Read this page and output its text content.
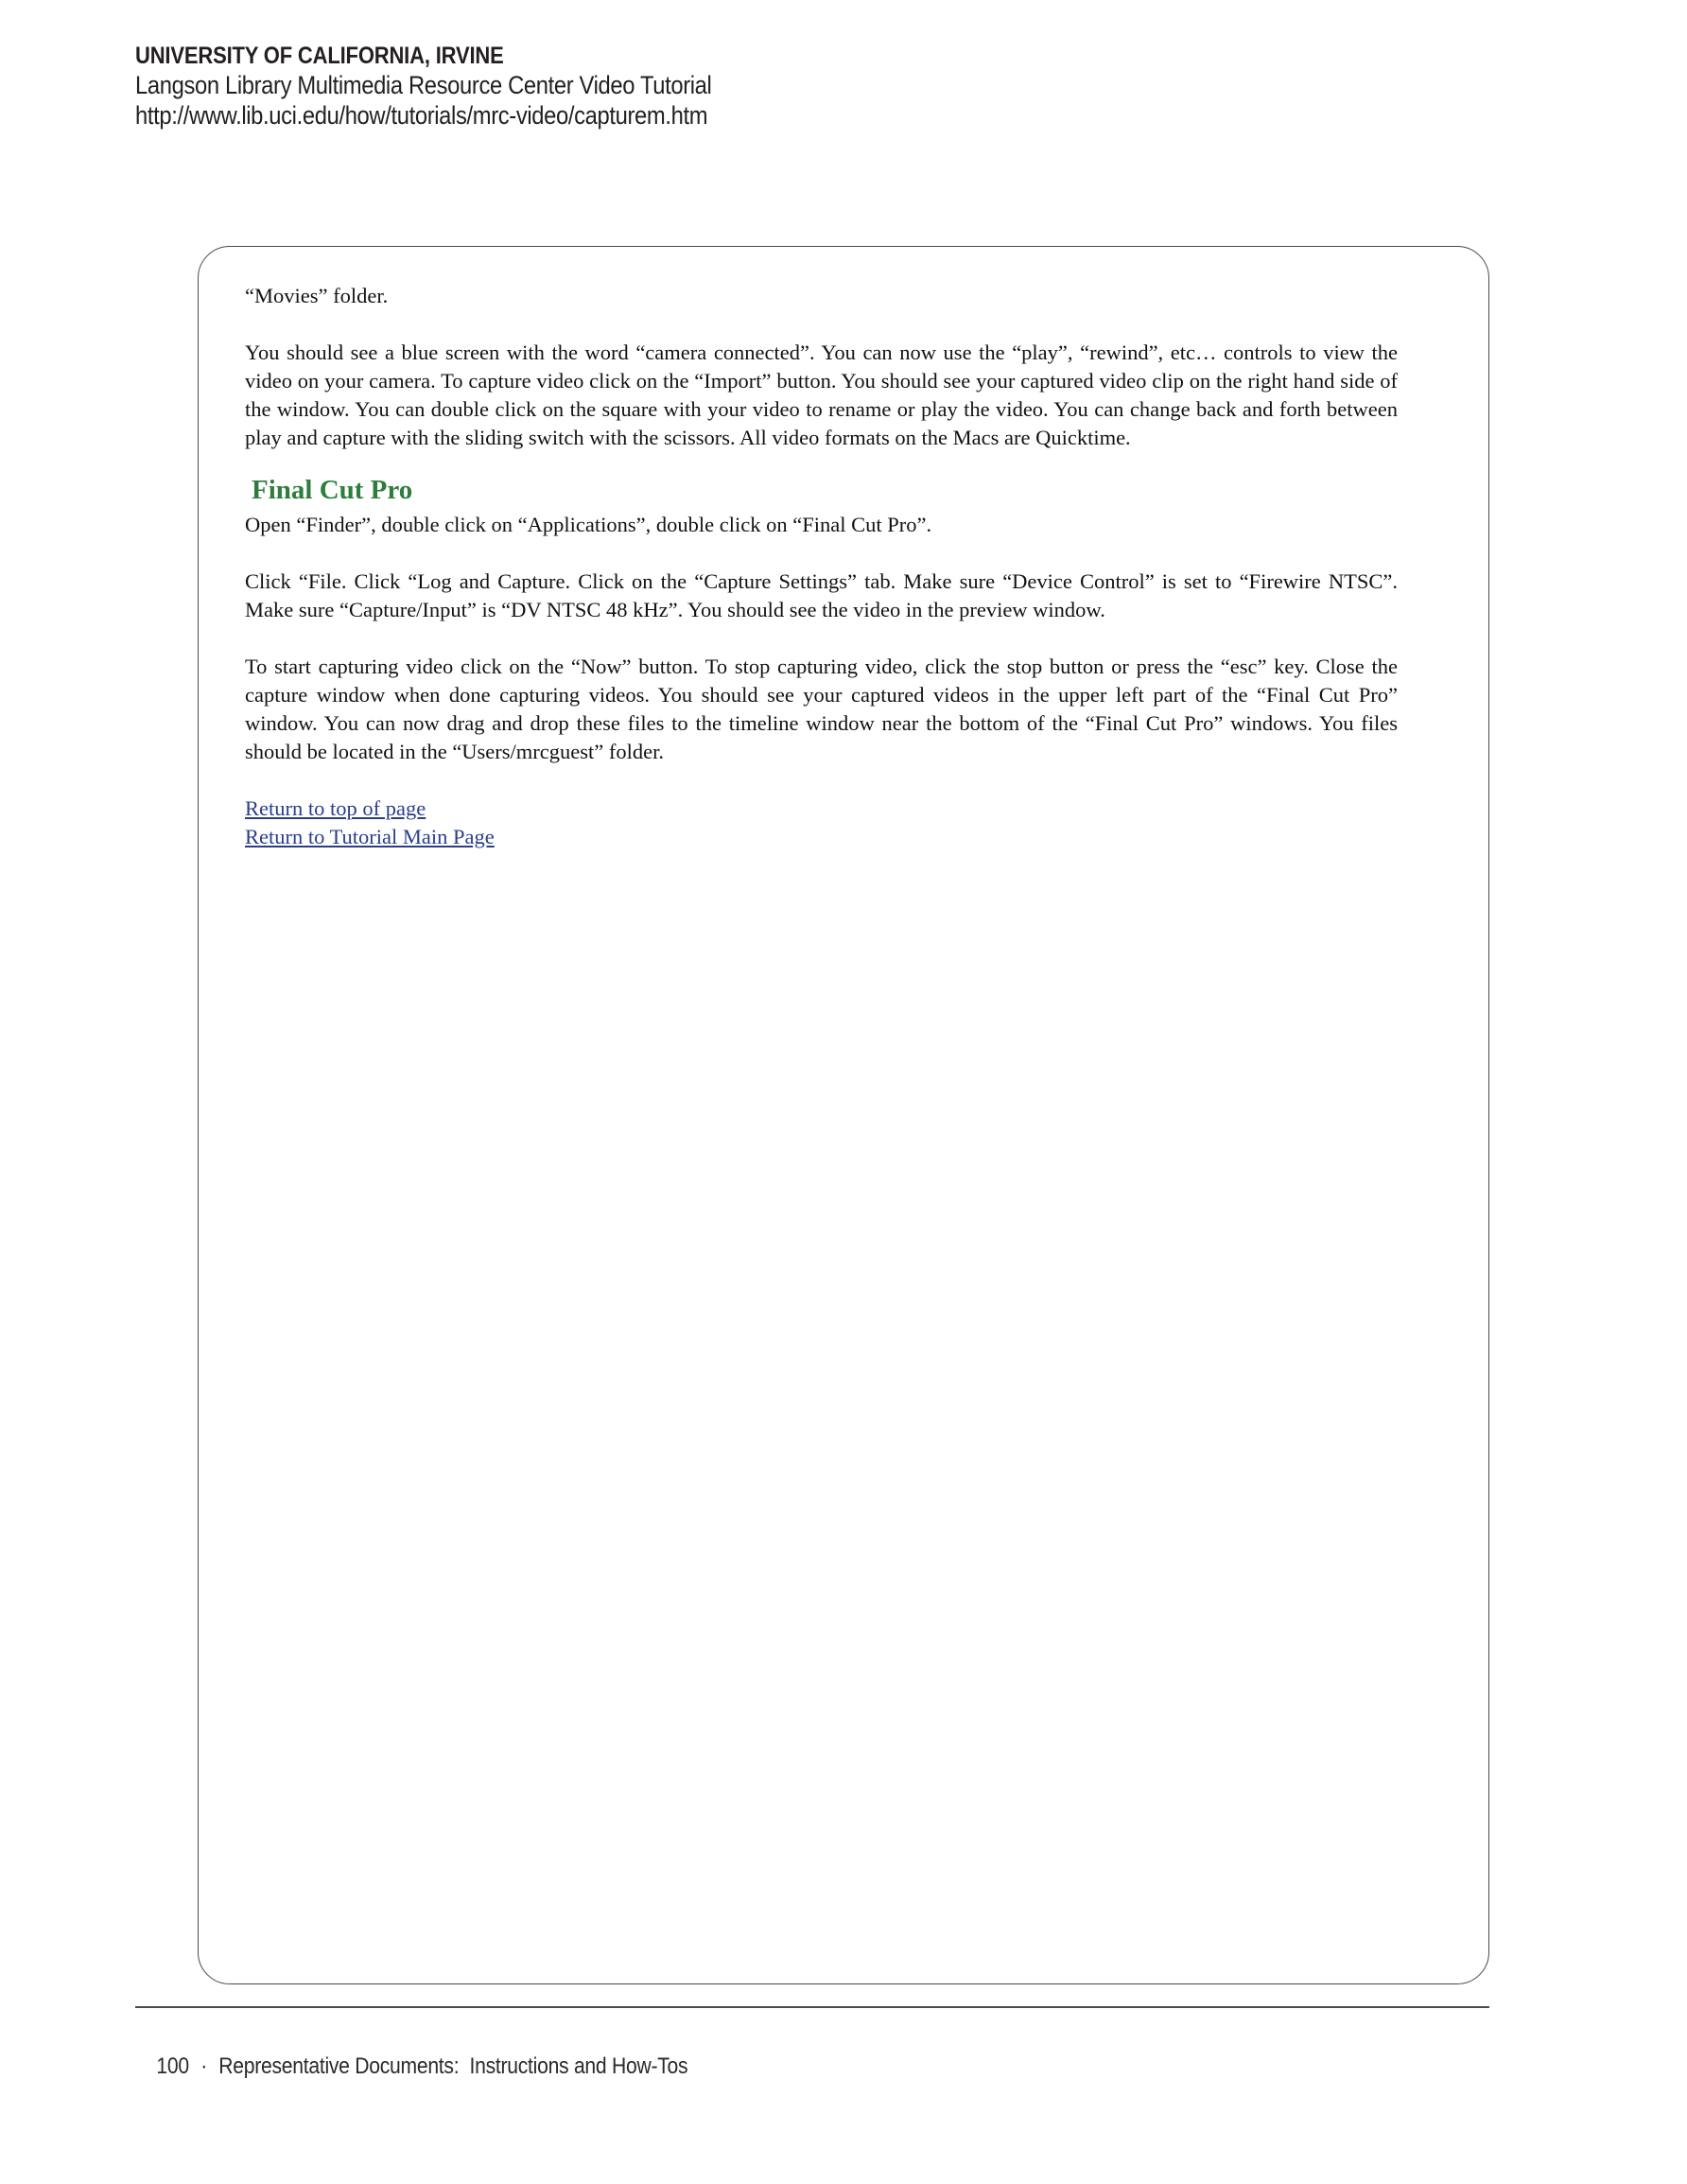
UNIVERSITY OF CALIFORNIA, IRVINE
Langson Library Multimedia Resource Center Video Tutorial
http://www.lib.uci.edu/how/tutorials/mrc-video/capturem.htm

“Movies” folder.

You should see a blue screen with the word “camera connected”. You can now use the “play”, “rewind”, etc… controls to view the video on your camera. To capture video click on the “Import” button. You should see your captured video clip on the right hand side of the window. You can double click on the square with your video to rename or play the video. You can change back and forth between play and capture with the sliding switch with the scissors. All video formats on the Macs are Quicktime.

Final Cut Pro

Open “Finder”, double click on “Applications”, double click on “Final Cut Pro”.

Click “File. Click “Log and Capture. Click on the “Capture Settings” tab. Make sure “Device Control” is set to “Firewire NTSC”. Make sure “Capture/Input” is “DV NTSC 48 kHz”. You should see the video in the preview window.

To start capturing video click on the “Now” button. To stop capturing video, click the stop button or press the “esc” key. Close the capture window when done capturing videos. You should see your captured videos in the upper left part of the “Final Cut Pro” window. You can now drag and drop these files to the timeline window near the bottom of the “Final Cut Pro” windows. You files should be located in the “Users/mrcguest” folder.

Return to top of page
Return to Tutorial Main Page

100 · Representative Documents:  Instructions and How-Tos
